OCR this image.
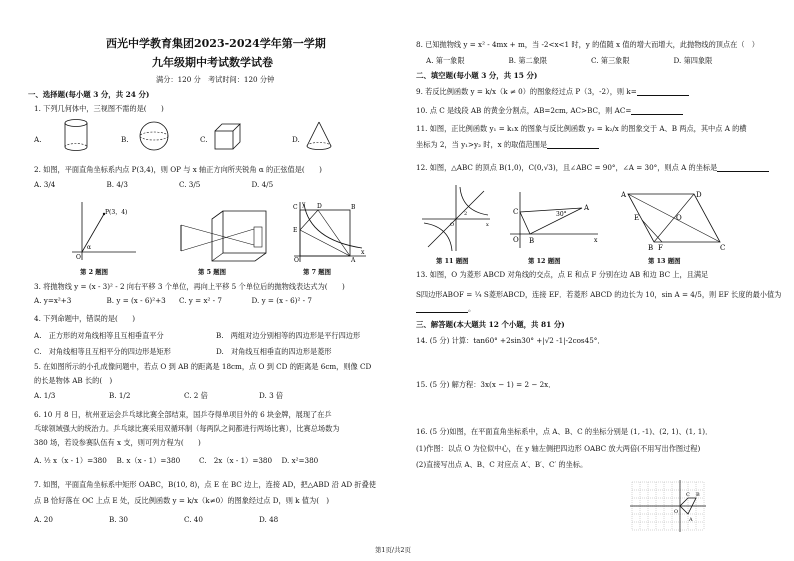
西光中学教育集团2023-2024学年第一学期
九年级期中考试数学试卷
满分：120 分　考试时间：120 分钟
一、选择题(每小题 3 分，共 24 分)
1. 下列几何体中，三视图不需的是(　　)
A.	B.	C.	D.
2. 如图，平面直角坐标系内点 P(3,4)，则 OP 与 x 轴正方向所夹锐角 α 的正弦值是(　　)
A. 3/4	B. 4/3	C. 3/5	D. 4/5
P(3，4)
O
α
第 2 题图	第 5 题图
O	A
B
C	D
E
x
y
第 7 题图
3. 将抛物线 y = (x - 3)² - 2 向右平移 3 个单位，再向上平移 5 个单位后的抛物线表达式为(　　)
A. y=x²+3	B. y = (x - 6)²+3	C. y = x² - 7	D. y = (x - 6)² - 7
4. 下列命题中，错误的是(　　)
A.　正方形的对角线相等且互相垂直平分	B.　两组对边分别相等的四边形是平行四边形
C.　对角线相等且互相平分的四边形是矩形	D.　对角线互相垂直的四边形是菱形
5. 在如图所示的小孔成像问题中，若点 O 到 AB 的距离是 18cm，点 O 到 CD 的距离是 6cm，则像 CD
的长是物体 AB 长的(　)
A. 1/3	B. 1/2	C. 2 倍	D. 3 倍
6. 10 月 8 日，杭州亚运会乒乓球比赛全部结束，国乒夺得单项目外的 6 块金牌，展现了在乒
乓球领域强大的统治力。乒乓球比赛采用双循环制（每两队之间都进行两场比赛），比赛总场数为
380 场，若设参赛队伍有 x 支，则可列方程为(　　)
A. ½ x（x - 1）=380	B. x（x - 1）=380	C.　2x（x - 1）=380	D. x²=380
7. 如图，平面直角坐标系中矩形 OABC，B(10, 8)，点 E 在 BC 边上，连接 AD，把△ABD 沿 AD 折叠使
点 B 恰好落在 OC 上点 E 处，反比例函数 y = k/x（k≠0）的图象经过点 D，则 k 值为(　)
A. 20	B. 30	C. 40	D. 48
8. 已知抛物线 y = x² - 4mx + m，当 -2<x<1 时，y 的值随 x 值的增大而增大，此抛物线的顶点在（　）
A. 第一象限	B. 第二象限	C. 第三象限	D. 第四象限
二、填空题(每小题 3 分，共 15 分)
9. 若反比例函数 y = k/x（k ≠ 0）的图象经过点 P（3，-2），则 k=
10. 点 C 是线段 AB 的黄金分割点，AB=2cm, AC>BC，则 AC=
11. 如图，正比例函数 y₁ = k₁x 的图象与反比例函数 y₂ = k₂/x 的图象交于 A、B 两点，其中点 A 的横
坐标为 2，当 y₁>y₂ 时，x 的取值范围是
12. 如图，△ABC 的顶点 B(1,0)，C(0,√3)，且∠ABC = 90°，∠A = 30°，则点 A 的坐标是
O
2
x
第 11 题图
C
O B
A
30°
x
第 12 题图
A	D
C
B F
E	O
第 13 题图
13. 如图，O 为菱形 ABCD 对角线的交点，点 E 和点 F 分别在边 AB 和边 BC 上，且满足
S四边形ABOF = ¼ S菱形ABCD，连接 EF．若菱形 ABCD 的边长为 10，sin A = 4/5，则 EF 长度的最小值为
。
三、解答题(本大题共 12 个小题，共 81 分)
14. (5 分) 计算：tan60° +2sin30° +|√2 -1|-2cos45°．
15. (5 分) 解方程：3x(x − 1) = 2 − 2x．
16. (5 分)如图，在平面直角坐标系中，点 A、B、C 的坐标分别是 (1, -1)、(2, 1)、(1, 1)．
(1)作图：以点 O 为位似中心，在 y 轴左侧把四边形 OABC 放大两倍(不用写出作图过程)
(2)直接写出点 A、B、C 对应点 A′、B′、C′ 的坐标。
O
A
B
C
第1页/共2页
